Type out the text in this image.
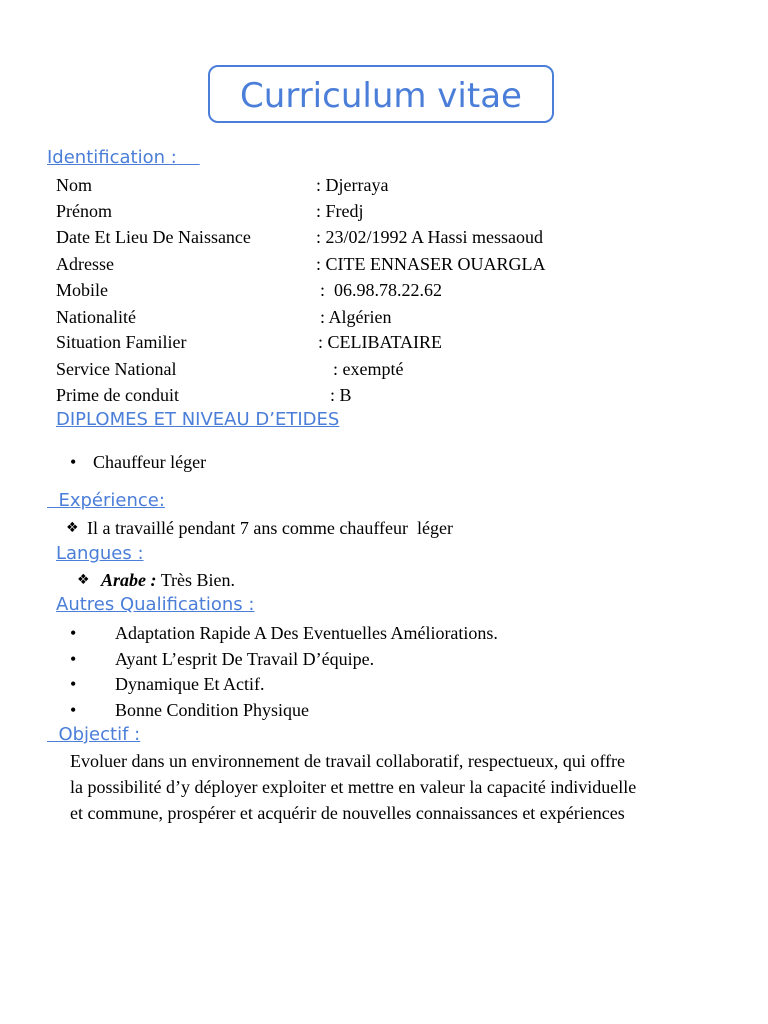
Curriculum vitae
Identification :
Nom	: Djerraya
Prénom	: Fredj
Date Et Lieu De Naissance	: 23/02/1992 A Hassi messaoud
Adresse	: CITE ENNASER OUARGLA
Mobile	:  06.98.78.22.62
Nationalité	: Algérien
Situation Familier	: CELIBATAIRE
Service National	: exempté
Prime de conduit	: B
DIPLOMES ET NIVEAU D’ETIDES
• Chauffeur léger
Expérience:
❖ Il a travaillé pendant 7 ans comme chauffeur  léger
Langues :
❖ Arabe : Très Bien.
Autres Qualifications :
• Adaptation Rapide A Des Eventuelles Améliorations.
• Ayant L’esprit De Travail D’équipe.
• Dynamique Et Actif.
• Bonne Condition Physique
Objectif :
Evoluer dans un environnement de travail collaboratif, respectueux, qui offre
la possibilité d’y déployer exploiter et mettre en valeur la capacité individuelle
et commune, prospérer et acquérir de nouvelles connaissances et expériences
